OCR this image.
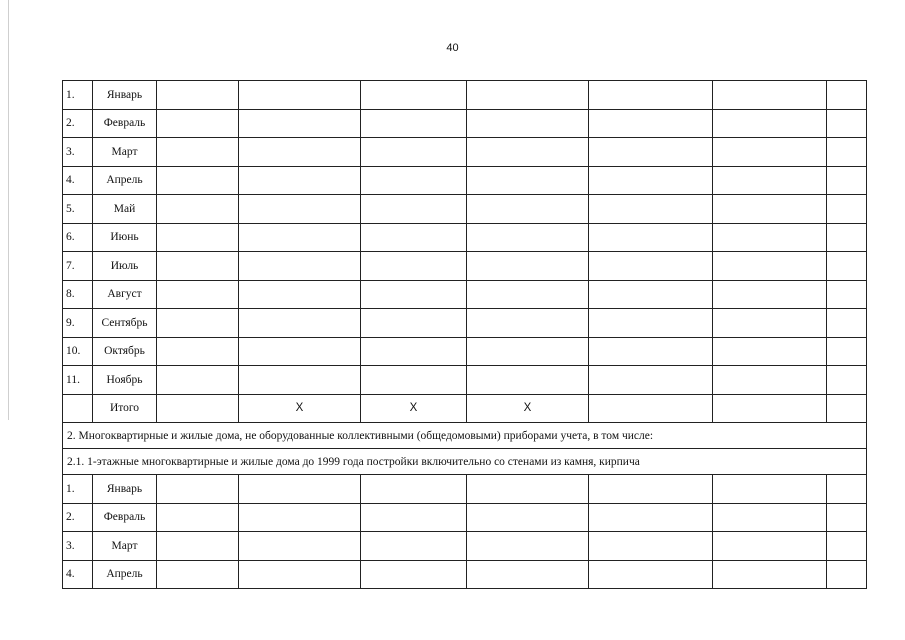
40
1.	Январь							
2.	Февраль							
3.	Март							
4.	Апрель							
5.	Май							
6.	Июнь							
7.	Июль							
8.	Август							
9.	Сентябрь							
10.	Октябрь							
11.	Ноябрь							
	Итого		X	X	X			
2. Многоквартирные и жилые дома, не оборудованные коллективными (общедомовыми) приборами учета, в том числе:								
2.1. 1-этажные многоквартирные и жилые дома до 1999 года постройки включительно со стенами из камня, кирпича								
1.	Январь							
2.	Февраль							
3.	Март							
4.	Апрель							
